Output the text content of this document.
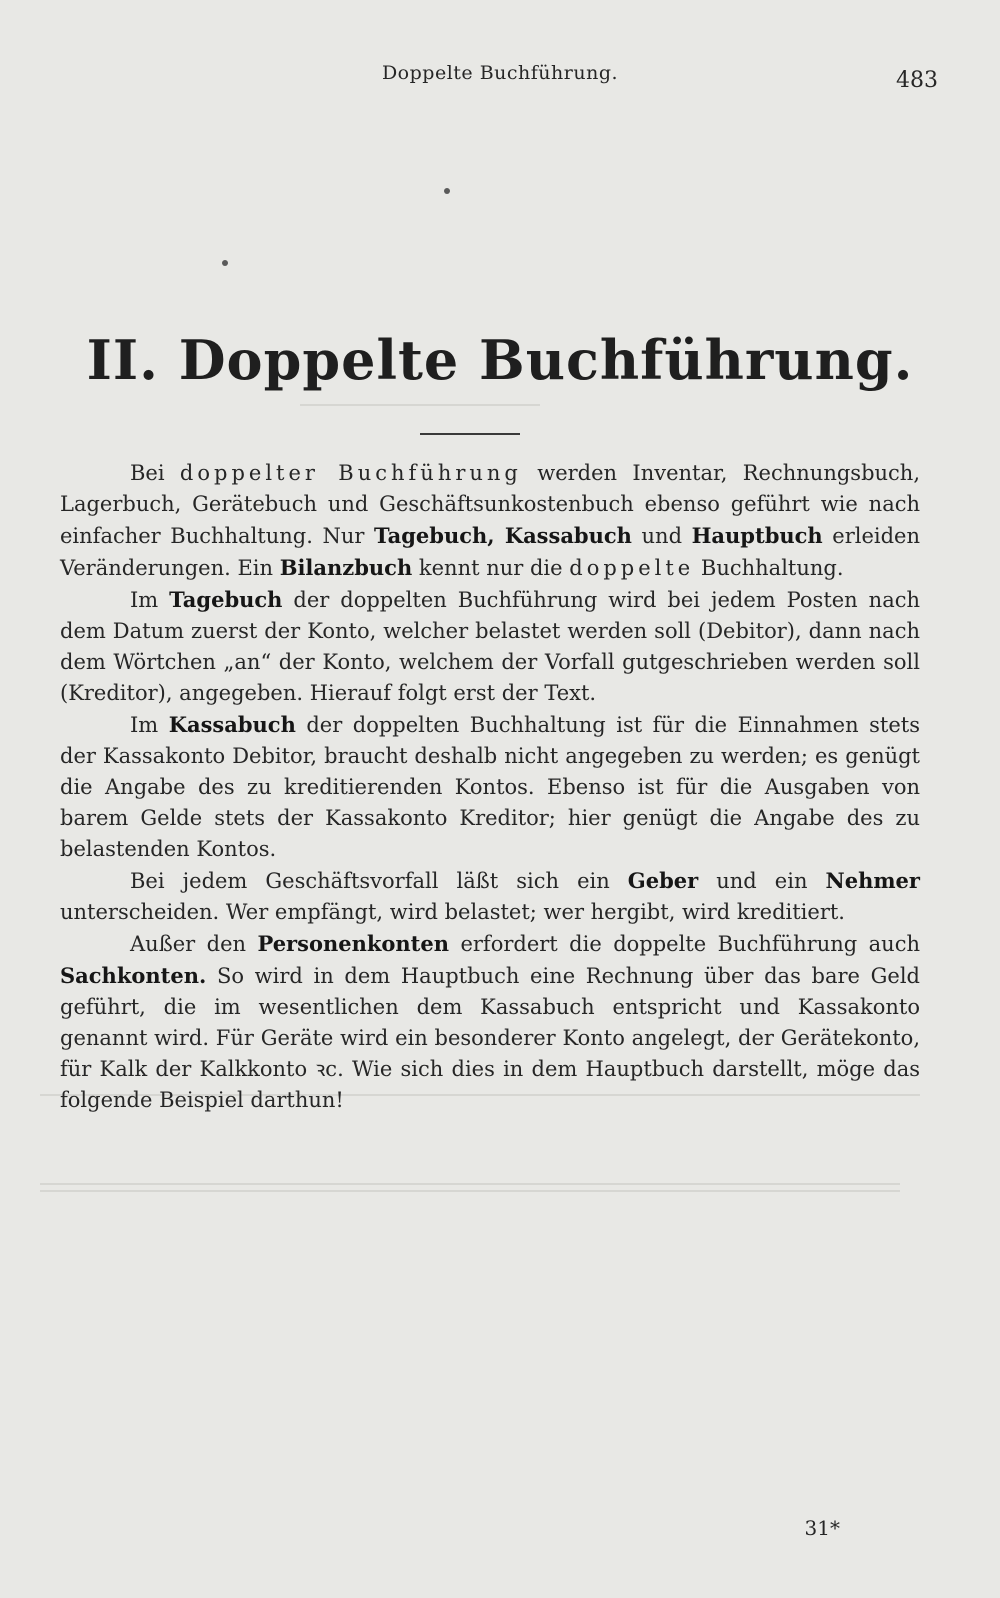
Doppelte Buchführung.	483
II. Doppelte Buchführung.

Bei doppelter Buchführung werden Inventar, Rechnungsbuch, Lagerbuch, Gerätebuch und Geschäftsunkostenbuch ebenso geführt wie nach einfacher Buchhaltung. Nur Tagebuch, Kassabuch und Hauptbuch erleiden Veränderungen. Ein Bilanzbuch kennt nur die doppelte Buchhaltung.

Im Tagebuch der doppelten Buchführung wird bei jedem Posten nach dem Datum zuerst der Konto, welcher belastet werden soll (Debitor), dann nach dem Wörtchen „an“ der Konto, welchem der Vorfall gutgeschrieben werden soll (Kreditor), angegeben. Hierauf folgt erst der Text.

Im Kassabuch der doppelten Buchhaltung ist für die Einnahmen stets der Kassakonto Debitor, braucht deshalb nicht angegeben zu werden; es genügt die Angabe des zu kreditierenden Kontos. Ebenso ist für die Ausgaben von barem Gelde stets der Kassakonto Kreditor; hier genügt die Angabe des zu belastenden Kontos.

Bei jedem Geschäftsvorfall läßt sich ein Geber und ein Nehmer unterscheiden. Wer empfängt, wird belastet; wer hergibt, wird kreditiert.

Außer den Personenkonten erfordert die doppelte Buchführung auch Sachkonten. So wird in dem Hauptbuch eine Rechnung über das bare Geld geführt, die im wesentlichen dem Kassabuch entspricht und Kassakonto genannt wird. Für Geräte wird ein besonderer Konto angelegt, der Gerätekonto, für Kalk der Kalkkonto ꝛc. Wie sich dies in dem Hauptbuch darstellt, möge das folgende Beispiel darthun!

31*
